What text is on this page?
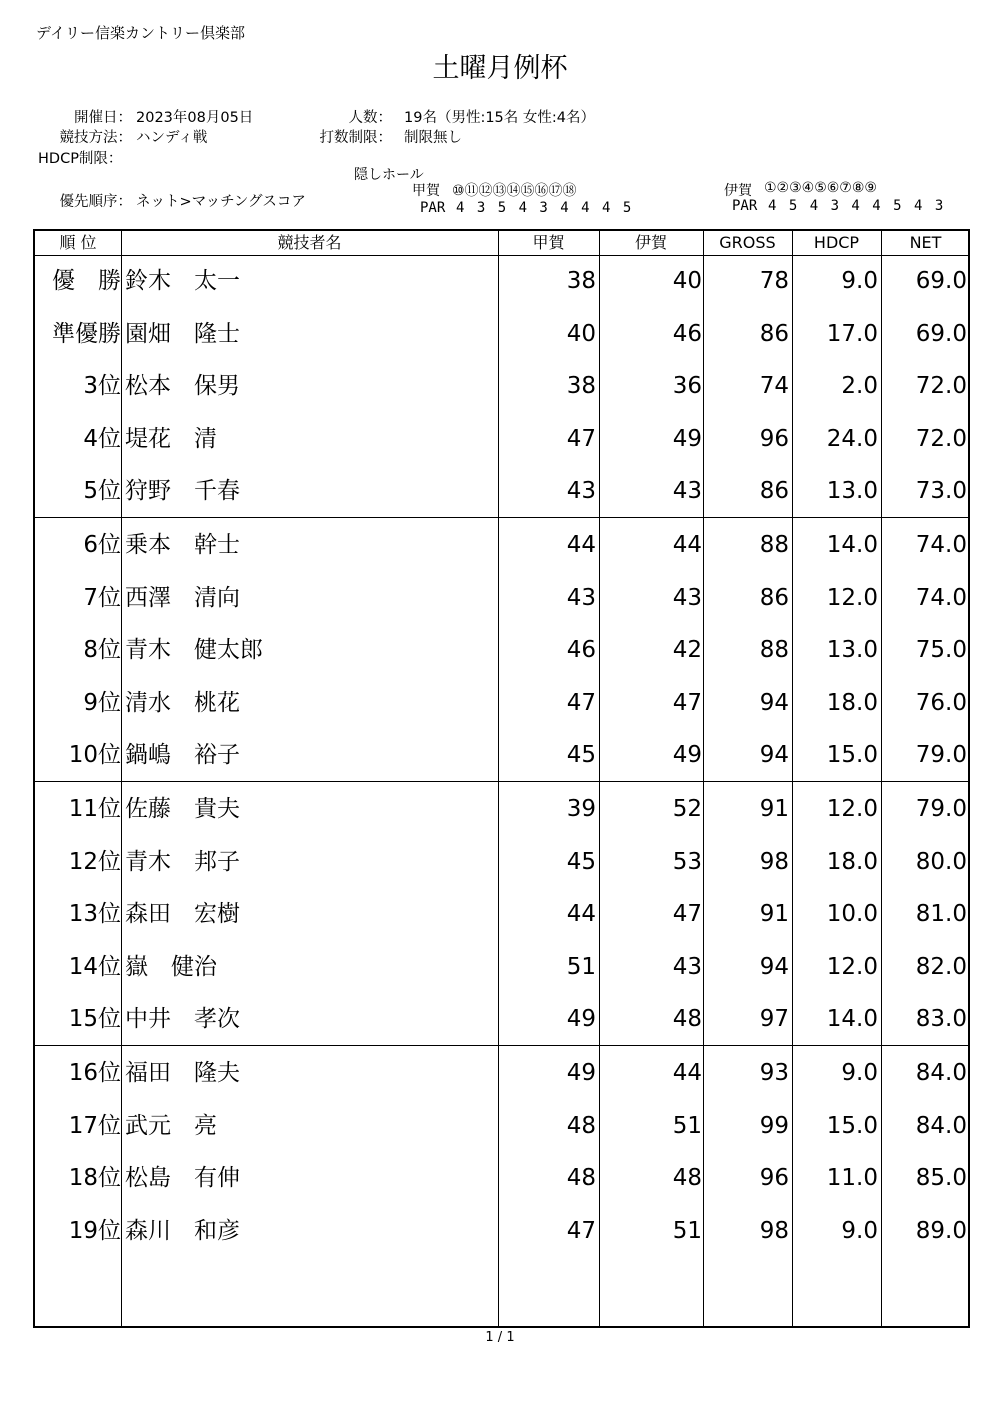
デイリー信楽カントリー倶楽部
土曜月例杯
開催日： 2023年08月05日
競技方法： ハンディ戦
HDCP制限：
人数： 19名（男性:15名 女性:4名）
打数制限： 制限無し
優先順序： ネット>マッチングスコア
隠しホール
甲賀 ⑩⑪⑫⑬⑭⑮⑯⑰⑱
PAR 4 3 5 4 3 4 4 4 5
伊賀 ①②③④⑤⑥⑦⑧⑨
PAR 4 5 4 3 4 4 5 4 3
順 位	競技者名	甲賀	伊賀	GROSS	HDCP	NET
優　勝 鈴木　太一	38	40	78	9.0	69.0
準優勝 園畑　隆士	40	46	86	17.0	69.0
3位 松本　保男	38	36	74	2.0	72.0
4位 堤花　清	47	49	96	24.0	72.0
5位 狩野　千春	43	43	86	13.0	73.0
6位 乗本　幹士	44	44	88	14.0	74.0
7位 西澤　清向	43	43	86	12.0	74.0
8位 青木　健太郎	46	42	88	13.0	75.0
9位 清水　桃花	47	47	94	18.0	76.0
10位 鍋嶋　裕子	45	49	94	15.0	79.0
11位 佐藤　貴夫	39	52	91	12.0	79.0
12位 青木　邦子	45	53	98	18.0	80.0
13位 森田　宏樹	44	47	91	10.0	81.0
14位 嶽　健治	51	43	94	12.0	82.0
15位 中井　孝次	49	48	97	14.0	83.0
16位 福田　隆夫	49	44	93	9.0	84.0
17位 武元　亮	48	51	99	15.0	84.0
18位 松島　有伸	48	48	96	11.0	85.0
19位 森川　和彦	47	51	98	9.0	89.0
1 / 1
